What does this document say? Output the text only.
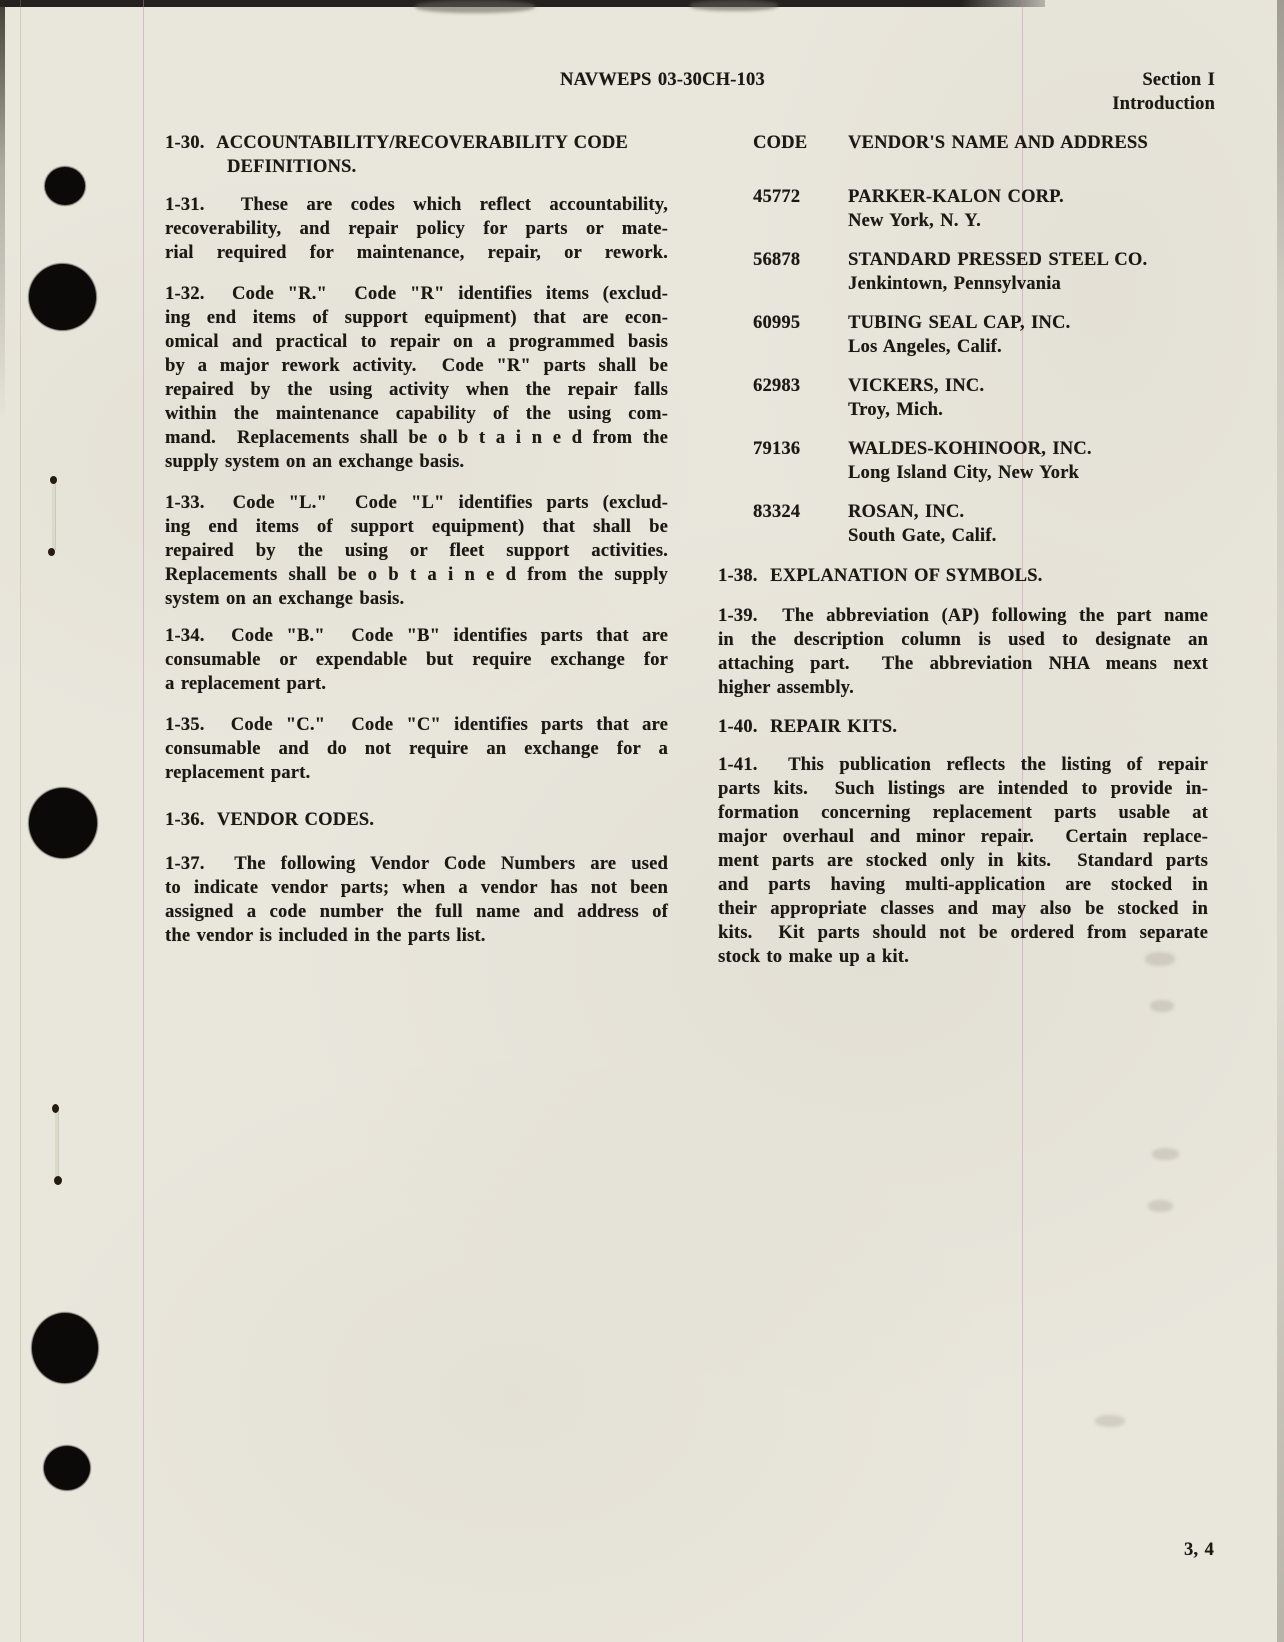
NAVWEPS 03-30CH-103	Section I
Introduction
1-30.  ACCOUNTABILITY/RECOVERABILITY CODE
DEFINITIONS.
1-31.  These are codes which reflect accountability,
recoverability, and repair policy for parts or mate-
rial required for maintenance, repair, or rework.
1-32.  Code "R."  Code "R" identifies items (exclud-
ing end items of support equipment) that are econ-
omical and practical to repair on a programmed basis
by a major rework activity.  Code "R" parts shall be
repaired by the using activity when the repair falls
within the maintenance capability of the using com-
mand.  Replacements shall be o b t a i n e d from the
supply system on an exchange basis.
1-33.  Code "L."  Code "L" identifies parts (exclud-
ing end items of support equipment) that shall be
repaired by the using or fleet support activities.
Replacements shall be o b t a i n e d from the supply
system on an exchange basis.
1-34.  Code "B."  Code "B" identifies parts that are
consumable or expendable but require exchange for
a replacement part.
1-35.  Code "C."  Code "C" identifies parts that are
consumable and do not require an exchange for a
replacement part.
1-36.  VENDOR CODES.
1-37.  The following Vendor Code Numbers are used
to indicate vendor parts; when a vendor has not been
assigned a code number the full name and address of
the vendor is included in the parts list.
CODE	VENDOR'S NAME AND ADDRESS
45772	PARKER-KALON CORP.
New York, N. Y.
56878	STANDARD PRESSED STEEL CO.
Jenkintown, Pennsylvania
60995	TUBING SEAL CAP, INC.
Los Angeles, Calif.
62983	VICKERS, INC.
Troy, Mich.
79136	WALDES-KOHINOOR, INC.
Long Island City, New York
83324	ROSAN, INC.
South Gate, Calif.
1-38.  EXPLANATION OF SYMBOLS.
1-39.  The abbreviation (AP) following the part name
in the description column is used to designate an
attaching part.  The abbreviation NHA means next
higher assembly.
1-40.  REPAIR KITS.
1-41.  This publication reflects the listing of repair
parts kits.  Such listings are intended to provide in-
formation concerning replacement parts usable at
major overhaul and minor repair.  Certain replace-
ment parts are stocked only in kits.  Standard parts
and parts having multi-application are stocked in
their appropriate classes and may also be stocked in
kits.  Kit parts should not be ordered from separate
stock to make up a kit.
3, 4
